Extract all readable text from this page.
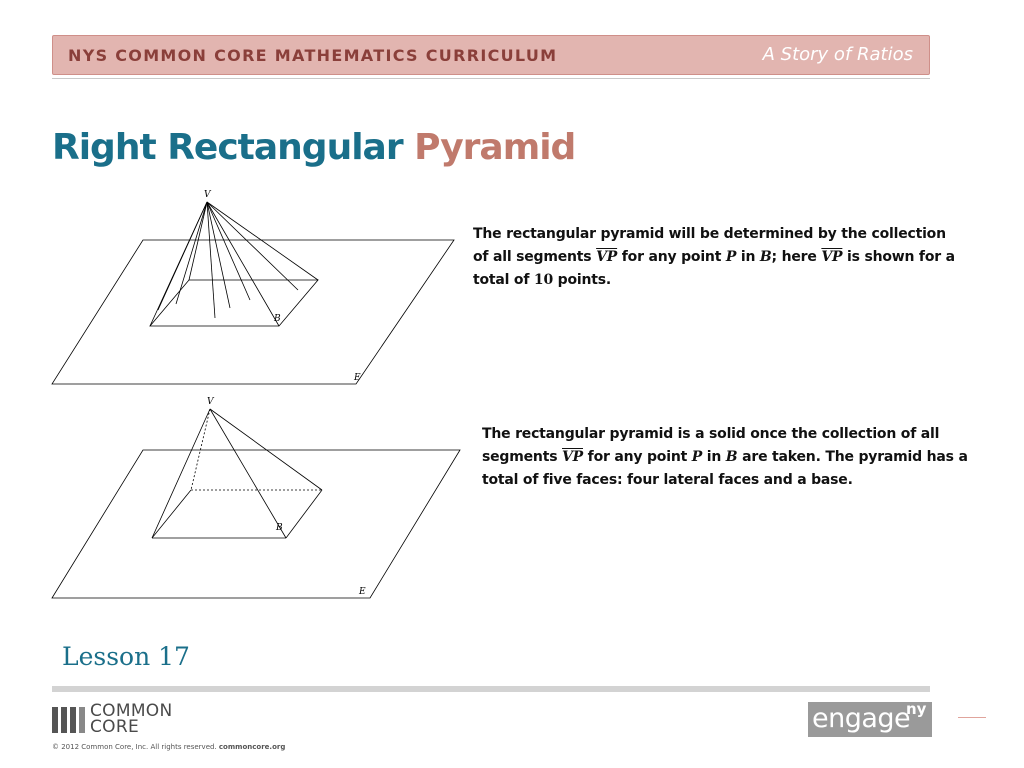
NYS COMMON CORE MATHEMATICS CURRICULUM	A Story of Ratios
Right Rectangular Pyramid
V
B
E
The rectangular pyramid will be determined by the collection of all segments $\overline{VP}$ for any point P in B; here $\overline{VP}$ is shown for a total of 10 points.
V
B
E
The rectangular pyramid is a solid once the collection of all segments $\overline{VP}$ for any point P in B are taken. The pyramid has a total of five faces: four lateral faces and a base.
Lesson 17
COMMON
CORE
© 2012 Common Core, Inc. All rights reserved. commoncore.org
engage
ny
